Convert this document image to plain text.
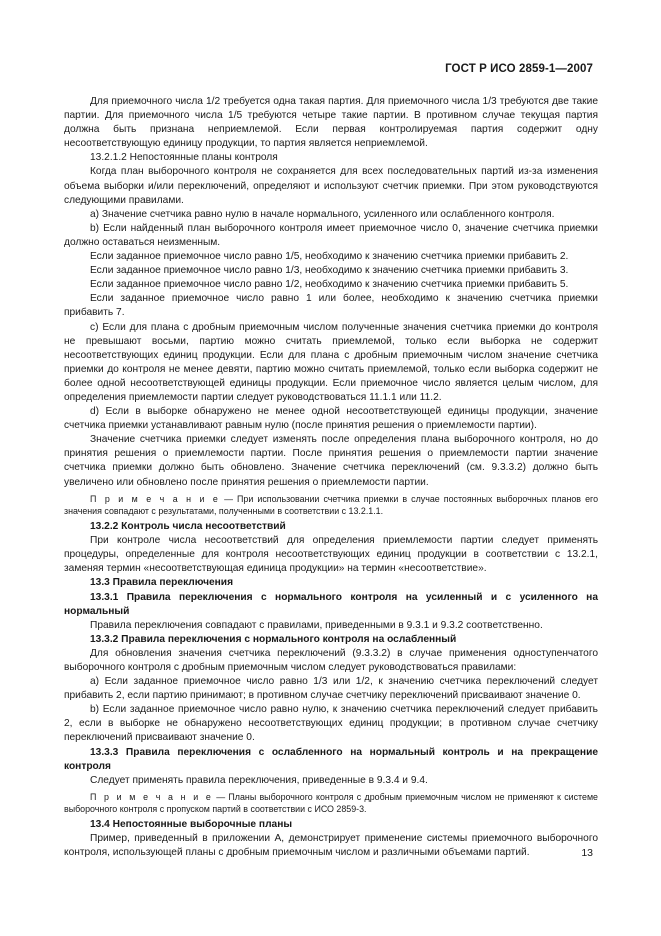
ГОСТ Р ИСО 2859-1—2007

Для приемочного числа 1/2 требуется одна такая партия. Для приемочного числа 1/3 требуются две такие партии. Для приемочного числа 1/5 требуются четыре такие партии. В противном случае текущая партия должна быть признана неприемлемой. Если первая контролируемая партия содержит одну несоответствующую единицу продукции, то партия является неприемлемой.

13.2.1.2 Непостоянные планы контроля

Когда план выборочного контроля не сохраняется для всех последовательных партий из-за изменения объема выборки и/или переключений, определяют и используют счетчик приемки. При этом руководствуются следующими правилами.

a) Значение счетчика равно нулю в начале нормального, усиленного или ослабленного контроля.

b) Если найденный план выборочного контроля имеет приемочное число 0, значение счетчика приемки должно оставаться неизменным.

Если заданное приемочное число равно 1/5, необходимо к значению счетчика приемки прибавить 2.

Если заданное приемочное число равно 1/3, необходимо к значению счетчика приемки прибавить 3.

Если заданное приемочное число равно 1/2, необходимо к значению счетчика приемки прибавить 5.

Если заданное приемочное число равно 1 или более, необходимо к значению счетчика приемки прибавить 7.

c) Если для плана с дробным приемочным числом полученные значения счетчика приемки до контроля не превышают восьми, партию можно считать приемлемой, только если выборка не содержит несоответствующих единиц продукции. Если для плана с дробным приемочным числом значение счетчика приемки до контроля не менее девяти, партию можно считать приемлемой, только если выборка содержит не более одной несоответствующей единицы продукции. Если приемочное число является целым числом, для определения приемлемости партии следует руководствоваться 11.1.1 или 11.2.

d) Если в выборке обнаружено не менее одной несоответствующей единицы продукции, значение счетчика приемки устанавливают равным нулю (после принятия решения о приемлемости партии).

Значение счетчика приемки следует изменять после определения плана выборочного контроля, но до принятия решения о приемлемости партии. После принятия решения о приемлемости партии значение счетчика приемки должно быть обновлено. Значение счетчика переключений (см. 9.3.3.2) должно быть увеличено или обновлено после принятия решения о приемлемости партии.

П р и м е ч а н и е — При использовании счетчика приемки в случае постоянных выборочных планов его значения совпадают с результатами, полученными в соответствии с 13.2.1.1.

13.2.2 Контроль числа несоответствий

При контроле числа несоответствий для определения приемлемости партии следует применять процедуры, определенные для контроля несоответствующих единиц продукции в соответствии с 13.2.1, заменяя термин «несоответствующая единица продукции» на термин «несоответствие».

13.3 Правила переключения

13.3.1 Правила переключения с нормального контроля на усиленный и с усиленного на нормальный

Правила переключения совпадают с правилами, приведенными в 9.3.1 и 9.3.2 соответственно.

13.3.2 Правила переключения с нормального контроля на ослабленный

Для обновления значения счетчика переключений (9.3.3.2) в случае применения одноступенчатого выборочного контроля с дробным приемочным числом следует руководствоваться правилами:

a) Если заданное приемочное число равно 1/3 или 1/2, к значению счетчика переключений следует прибавить 2, если партию принимают; в противном случае счетчику переключений присваивают значение 0.

b) Если заданное приемочное число равно нулю, к значению счетчика переключений следует прибавить 2, если в выборке не обнаружено несоответствующих единиц продукции; в противном случае счетчику переключений присваивают значение 0.

13.3.3 Правила переключения с ослабленного на нормальный контроль и на прекращение контроля

Следует применять правила переключения, приведенные в 9.3.4 и 9.4.

П р и м е ч а н и е — Планы выборочного контроля с дробным приемочным числом не применяют к системе выборочного контроля с пропуском партий в соответствии с ИСО 2859-3.

13.4 Непостоянные выборочные планы

Пример, приведенный в приложении А, демонстрирует применение системы приемочного выборочного контроля, использующей планы с дробным приемочным числом и различными объемами партий.	13
